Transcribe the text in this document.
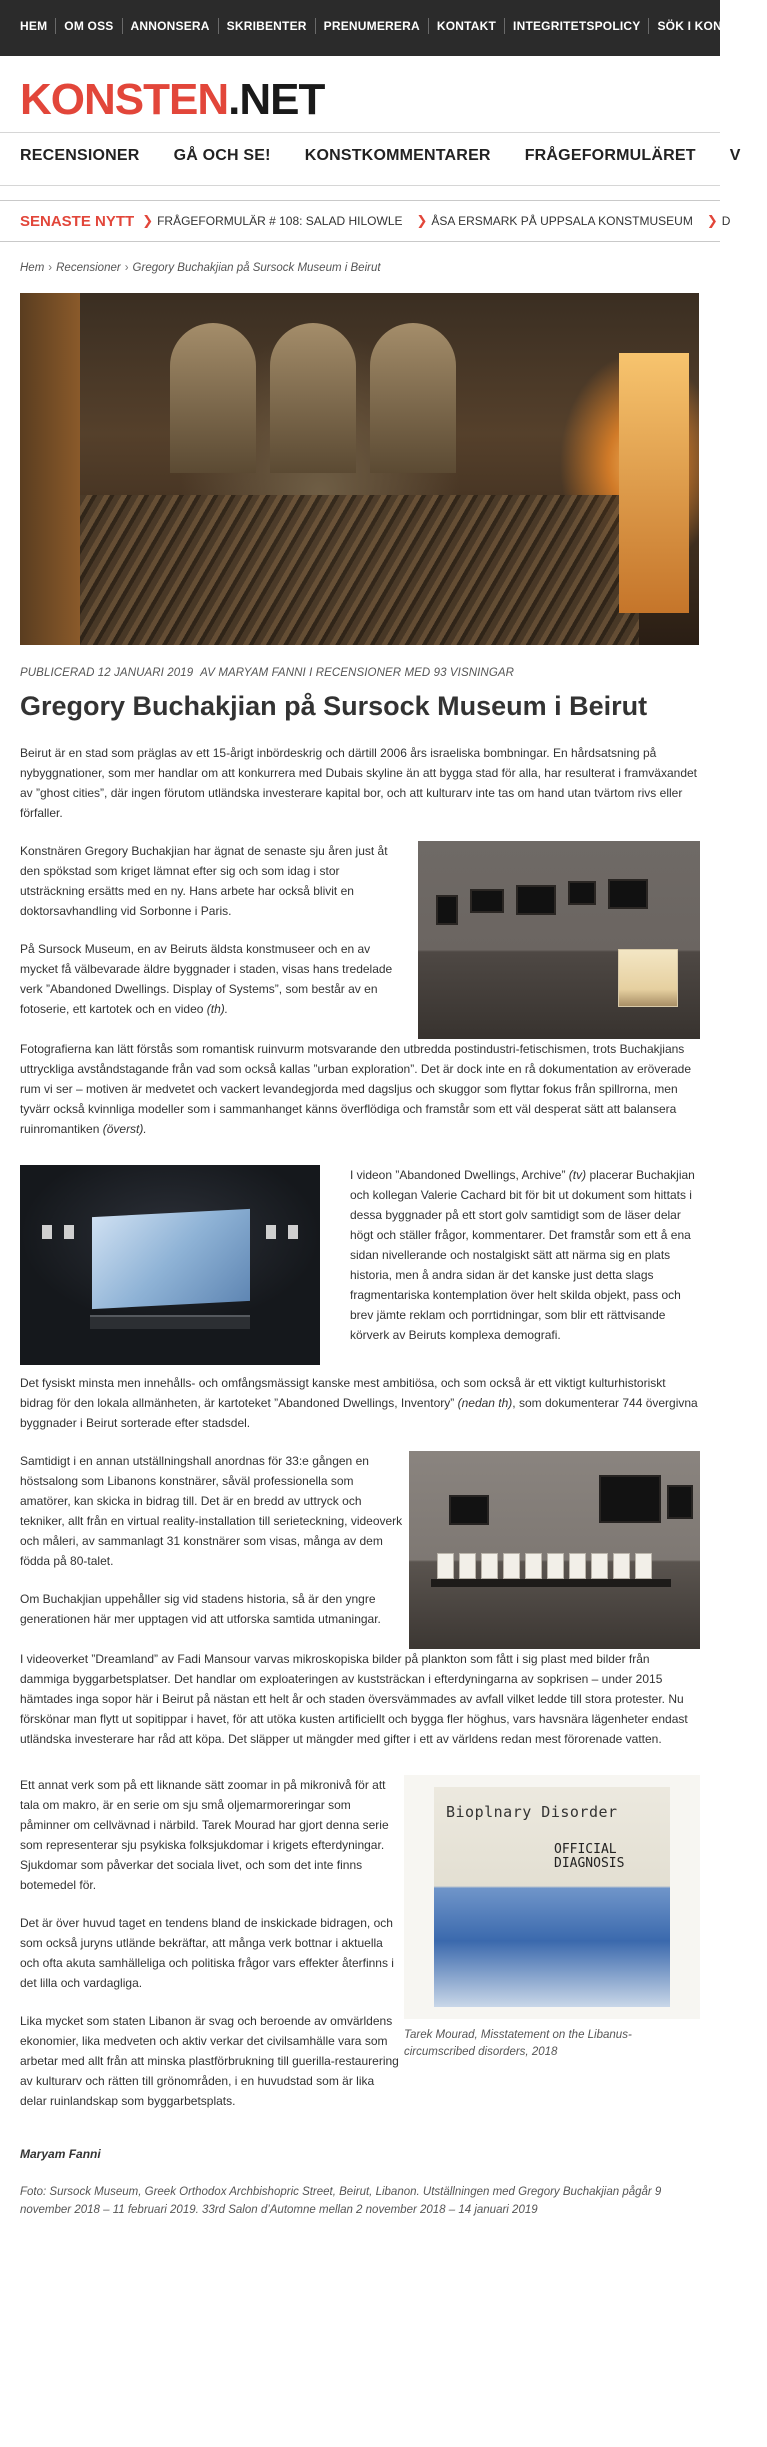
HEM	OM OSS	ANNONSERA	SKRIBENTER	PRENUMERERA	KONTAKT	INTEGRITETSPOLICY	SÖK I KONSTEN!
KONSTEN.NET
RECENSIONER GÅ OCH SE! KONSTKOMMENTARER FRÅGEFORMULÄRET V
SENASTE NYTT ❯ FRÅGEFORMULÄR # 108: SALAD HILOWLE ❯ ÅSA ERSMARK PÅ UPPSALA KONSTMUSEUM ❯ D
Hem › Recensioner › Gregory Buchakjian på Sursock Museum i Beirut
PUBLICERAD 12 JANUARI 2019 AV MARYAM FANNI I RECENSIONER MED 93 VISNINGAR
Gregory Buchakjian på Sursock Museum i Beirut

Beirut är en stad som präglas av ett 15-årigt inbördeskrig och därtill 2006 års israeliska bombningar. En hårdsatsning på nybyggnationer, som mer handlar om att konkurrera med Dubais skyline än att bygga stad för alla, har resulterat i framväxandet av ”ghost cities”, där ingen förutom utländska investerare kapital bor, och att kulturarv inte tas om hand utan tvärtom rivs eller förfaller.

Konstnären Gregory Buchakjian har ägnat de senaste sju åren just åt den spökstad som kriget lämnat efter sig och som idag i stor utsträckning ersätts med en ny. Hans arbete har också blivit en doktorsavhandling vid Sorbonne i Paris.

På Sursock Museum, en av Beiruts äldsta konstmuseer och en av mycket få välbevarade äldre byggnader i staden, visas hans tredelade verk ”Abandoned Dwellings. Display of Systems”, som består av en fotoserie, ett kartotek och en video (th).

Fotografierna kan lätt förstås som romantisk ruinvurm motsvarande den utbredda postindustri-fetischismen, trots Buchakjians uttryckliga avståndstagande från vad som också kallas ”urban exploration”. Det är dock inte en rå dokumentation av eröverade rum vi ser – motiven är medvetet och vackert levandegjorda med dagsljus och skuggor som flyttar fokus från spillrorna, men tyvärr också kvinnliga modeller som i sammanhanget känns överflödiga och framstår som ett väl desperat sätt att balansera ruinromantiken (överst).

I videon ”Abandoned Dwellings, Archive” (tv) placerar Buchakjian och kollegan Valerie Cachard bit för bit ut dokument som hittats i dessa byggnader på ett stort golv samtidigt som de läser delar högt och ställer frågor, kommentarer. Det framstår som ett å ena sidan nivellerande och nostalgiskt sätt att närma sig en plats historia, men å andra sidan är det kanske just detta slags fragmentariska kontemplation över helt skilda objekt, pass och brev jämte reklam och porrtidningar, som blir ett rättvisande körverk av Beiruts komplexa demografi.

Det fysiskt minsta men innehålls- och omfångsmässigt kanske mest ambitiösa, och som också är ett viktigt kulturhistoriskt bidrag för den lokala allmänheten, är kartoteket ”Abandoned Dwellings, Inventory” (nedan th), som dokumenterar 744 övergivna byggnader i Beirut sorterade efter stadsdel.

Samtidigt i en annan utställningshall anordnas för 33:e gången en höstsalong som Libanons konstnärer, såväl professionella som amatörer, kan skicka in bidrag till. Det är en bredd av uttryck och tekniker, allt från en virtual reality-installation till serieteckning, videoverk och måleri, av sammanlagt 31 konstnärer som visas, många av dem födda på 80-talet.

Om Buchakjian uppehåller sig vid stadens historia, så är den yngre generationen här mer upptagen vid att utforska samtida utmaningar.

I videoverket ”Dreamland” av Fadi Mansour varvas mikroskopiska bilder på plankton som fått i sig plast med bilder från dammiga byggarbetsplatser. Det handlar om exploateringen av kuststräckan i efterdyningarna av sopkrisen – under 2015 hämtades inga sopor här i Beirut på nästan ett helt år och staden översvämmades av avfall vilket ledde till stora protester. Nu förskönar man flytt ut sopitippar i havet, för att utöka kusten artificiellt och bygga fler höghus, vars havsnära lägenheter endast utländska investerare har råd att köpa. Det släpper ut mängder med gifter i ett av världens redan mest förorenade vatten.

Ett annat verk som på ett liknande sätt zoomar in på mikronivå för att tala om makro, är en serie om sju små oljemarmoreringar som påminner om cellvävnad i närbild. Tarek Mourad har gjort denna serie som representerar sju psykiska folksjukdomar i krigets efterdyningar. Sjukdomar som påverkar det sociala livet, och som det inte finns botemedel för.

Det är över huvud taget en tendens bland de inskickade bidragen, och som också juryns utlände bekräftar, att många verk bottnar i aktuella och ofta akuta samhälleliga och politiska frågor vars effekter återfinns i det lilla och vardagliga.

Lika mycket som staten Libanon är svag och beroende av omvärldens ekonomier, lika medveten och aktiv verkar det civilsamhälle vara som arbetar med allt från att minska plastförbrukning till guerilla-restaurering av kulturarv och rätten till grönområden, i en huvudstad som är lika delar ruinlandskap som byggarbetsplats.

Bioplnary Disorder
OFFICIAL
DIAGNOSIS
Tarek Mourad, Misstatement on the Libanus-circumscribed disorders, 2018
Maryam Fanni
Foto: Sursock Museum, Greek Orthodox Archbishopric Street, Beirut, Libanon. Utställningen med Gregory Buchakjian pågår 9 november 2018 – 11 februari 2019. 33rd Salon d’Automne mellan 2 november 2018 – 14 januari 2019
